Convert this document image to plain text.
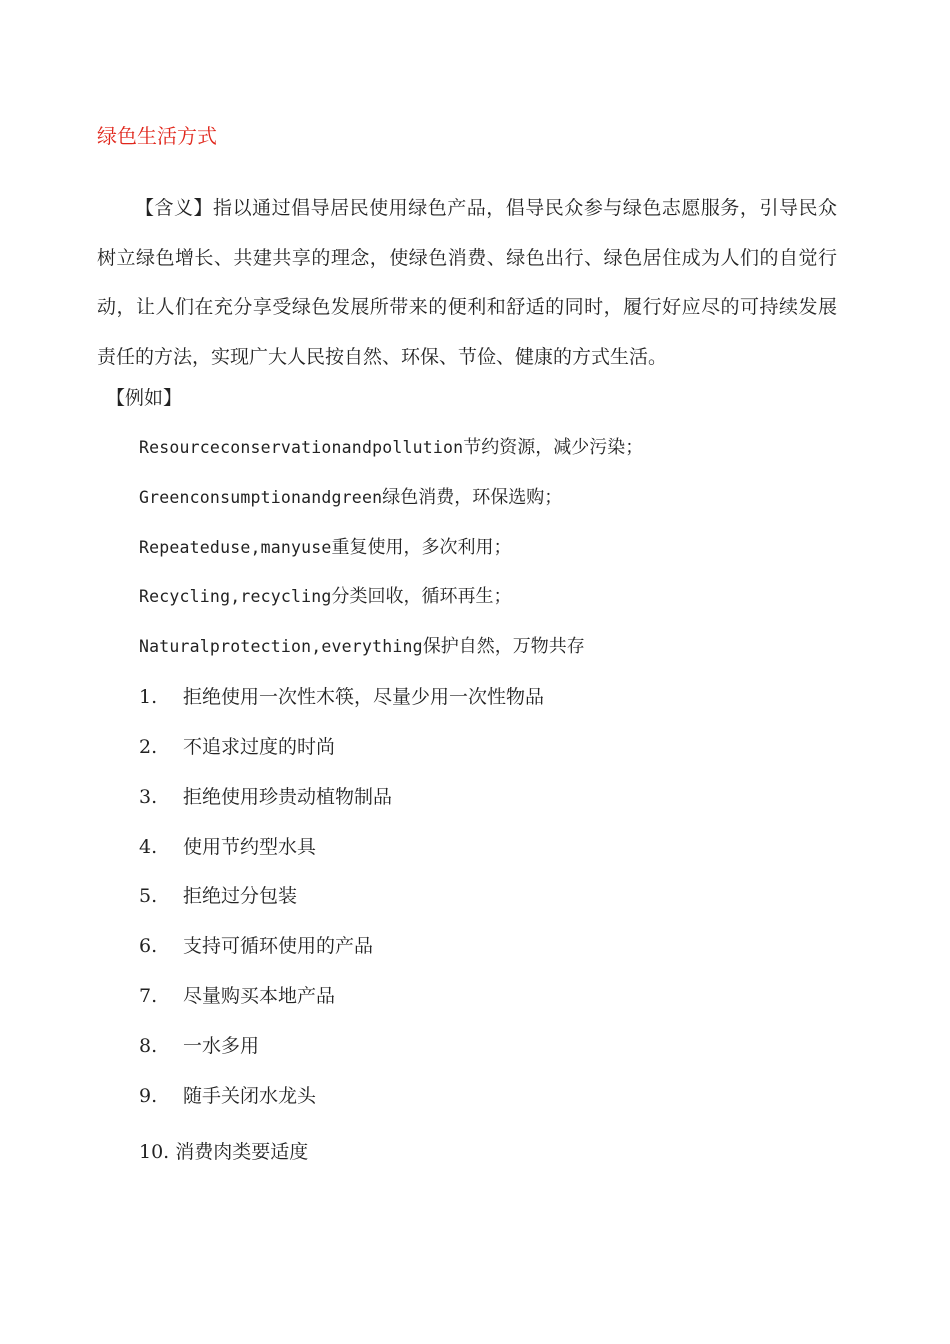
绿色生活方式

【含义】指以通过倡导居民使用绿色产品，倡导民众参与绿色志愿服务，引导民众树立绿色增长、共建共享的理念，使绿色消费、绿色出行、绿色居住成为人们的自觉行动，让人们在充分享受绿色发展所带来的便利和舒适的同时，履行好应尽的可持续发展责任的方法，实现广大人民按自然、环保、节俭、健康的方式生活。

【例如】

Resourceconservationandpollution节约资源，减少污染；
Greenconsumptionandgreen绿色消费，环保选购；
Repeateduse,manyuse重复使用，多次利用；
Recycling,recycling分类回收，循环再生；
Naturalprotection,everything保护自然，万物共存
1. 拒绝使用一次性木筷，尽量少用一次性物品
2. 不追求过度的时尚
3. 拒绝使用珍贵动植物制品
4. 使用节约型水具
5. 拒绝过分包装
6. 支持可循环使用的产品
7. 尽量购买本地产品
8. 一水多用
9. 随手关闭水龙头

10. 消费肉类要适度
